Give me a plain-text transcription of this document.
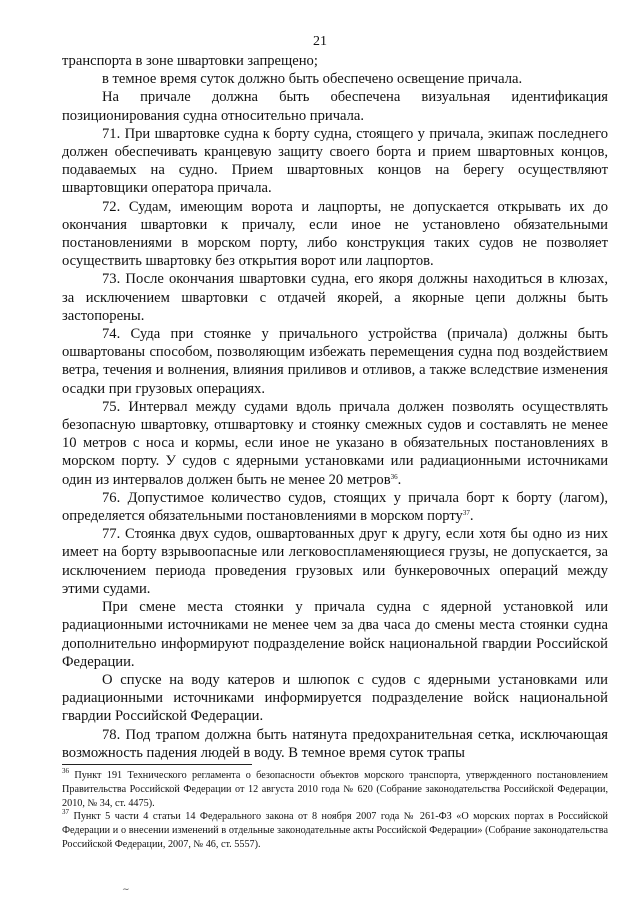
21

транспорта в зоне швартовки запрещено;

в темное время суток должно быть обеспечено освещение причала.

На причале должна быть обеспечена визуальная идентификация позиционирования судна относительно причала.

71. При швартовке судна к борту судна, стоящего у причала, экипаж последнего должен обеспечивать кранцевую защиту своего борта и прием швартовных концов, подаваемых на судно. Прием швартовных концов на берегу осуществляют швартовщики оператора причала.

72. Судам, имеющим ворота и лацпорты, не допускается открывать их до окончания швартовки к причалу, если иное не установлено обязательными постановлениями в морском порту, либо конструкция таких судов не позволяет осуществить швартовку без открытия ворот или лацпортов.

73. После окончания швартовки судна, его якоря должны находиться в клюзах, за исключением швартовки с отдачей якорей, а якорные цепи должны быть застопорены.

74. Суда при стоянке у причального устройства (причала) должны быть ошвартованы способом, позволяющим избежать перемещения судна под воздействием ветра, течения и волнения, влияния приливов и отливов, а также вследствие изменения осадки при грузовых операциях.

75. Интервал между судами вдоль причала должен позволять осуществлять безопасную швартовку, отшвартовку и стоянку смежных судов и составлять не менее 10 метров с носа и кормы, если иное не указано в обязательных постановлениях в морском порту. У судов с ядерными установками или радиационными источниками один из интервалов должен быть не менее 20 метров$^{36}$.

76. Допустимое количество судов, стоящих у причала борт к борту (лагом), определяется обязательными постановлениями в морском порту$^{37}$.

77. Стоянка двух судов, ошвартованных друг к другу, если хотя бы одно из них имеет на борту взрывоопасные или легковоспламеняющиеся грузы, не допускается, за исключением периода проведения грузовых или бункеровочных операций между этими судами.

При смене места стоянки у причала судна с ядерной установкой или радиационными источниками не менее чем за два часа до смены места стоянки судна дополнительно информируют подразделение войск национальной гвардии Российской Федерации.

О спуске на воду катеров и шлюпок с судов с ядерными установками или радиационными источниками информируется подразделение войск национальной гвардии Российской Федерации.

78. Под трапом должна быть натянута предохранительная сетка, исключающая возможность падения людей в воду. В темное время суток трапы

$^{36}$ Пункт 191 Технического регламента о безопасности объектов морского транспорта, утвержденного постановлением Правительства Российской Федерации от 12 августа 2010 года № 620 (Собрание законодательства Российской Федерации, 2010, № 34, ст. 4475).

$^{37}$ Пункт 5 части 4 статьи 14 Федерального закона от 8 ноября 2007 года № 261-ФЗ «О морских портах в Российской Федерации и о внесении изменений в отдельные законодательные акты Российской Федерации» (Собрание законодательства Российской Федерации, 2007, № 46, ст. 5557).

∼
